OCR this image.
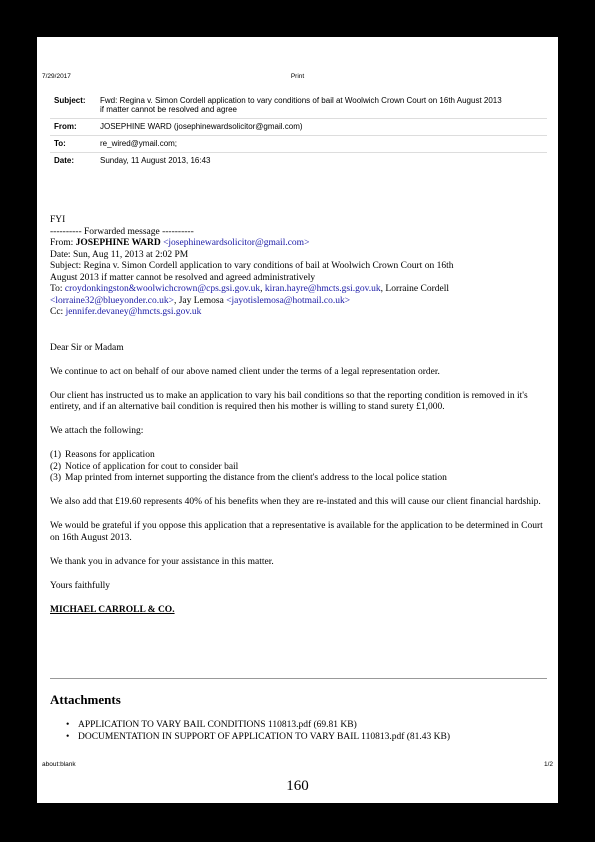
7/29/2017	Print
Subject:	Fwd: Regina v. Simon Cordell application to vary conditions of bail at Woolwich Crown Court on 16th August 2013
if matter cannot be resolved and agree

From:	JOSEPHINE WARD (josephinewardsolicitor@gmail.com)
To:	re_wired@ymail.com;
Date:	Sunday, 11 August 2013, 16:43
FYI
---------- Forwarded message ----------
From: JOSEPHINE WARD <josephinewardsolicitor@gmail.com>
Date: Sun, Aug 11, 2013 at 2:02 PM
Subject: Regina v. Simon Cordell application to vary conditions of bail at Woolwich Crown Court on 16th
August 2013 if matter cannot be resolved and agreed administratively
To: croydonkingston&woolwichcrown@cps.gsi.gov.uk, kiran.hayre@hmcts.gsi.gov.uk, Lorraine Cordell
<lorraine32@blueyonder.co.uk>, Jay Lemosa <jayotislemosa@hotmail.co.uk>
Cc: jennifer.devaney@hmcts.gsi.gov.uk

Dear Sir or Madam

We continue to act on behalf of our above named client under the terms of a legal representation order.

Our client has instructed us to make an application to vary his bail conditions so that the reporting condition is removed in it's entirety, and if an alternative bail condition is required then his mother is willing to stand surety £1,000.

We attach the following:

(1) Reasons for application
(2) Notice of application for cout to consider bail
(3) Map printed from internet supporting the distance from the client's address to the local police station

We also add that £19.60 represents 40% of his benefits when they are re-instated and this will cause our client financial hardship.

We would be grateful if you oppose this application that a representative is available for the application to be determined in Court on 16th August 2013.

We thank you in advance for your assistance in this matter.

Yours faithfully

MICHAEL CARROLL & CO.

Attachments
• APPLICATION TO VARY BAIL CONDITIONS 110813.pdf (69.81 KB)
• DOCUMENTATION IN SUPPORT OF APPLICATION TO VARY BAIL 110813.pdf (81.43 KB)
about:blank	1/2
160
